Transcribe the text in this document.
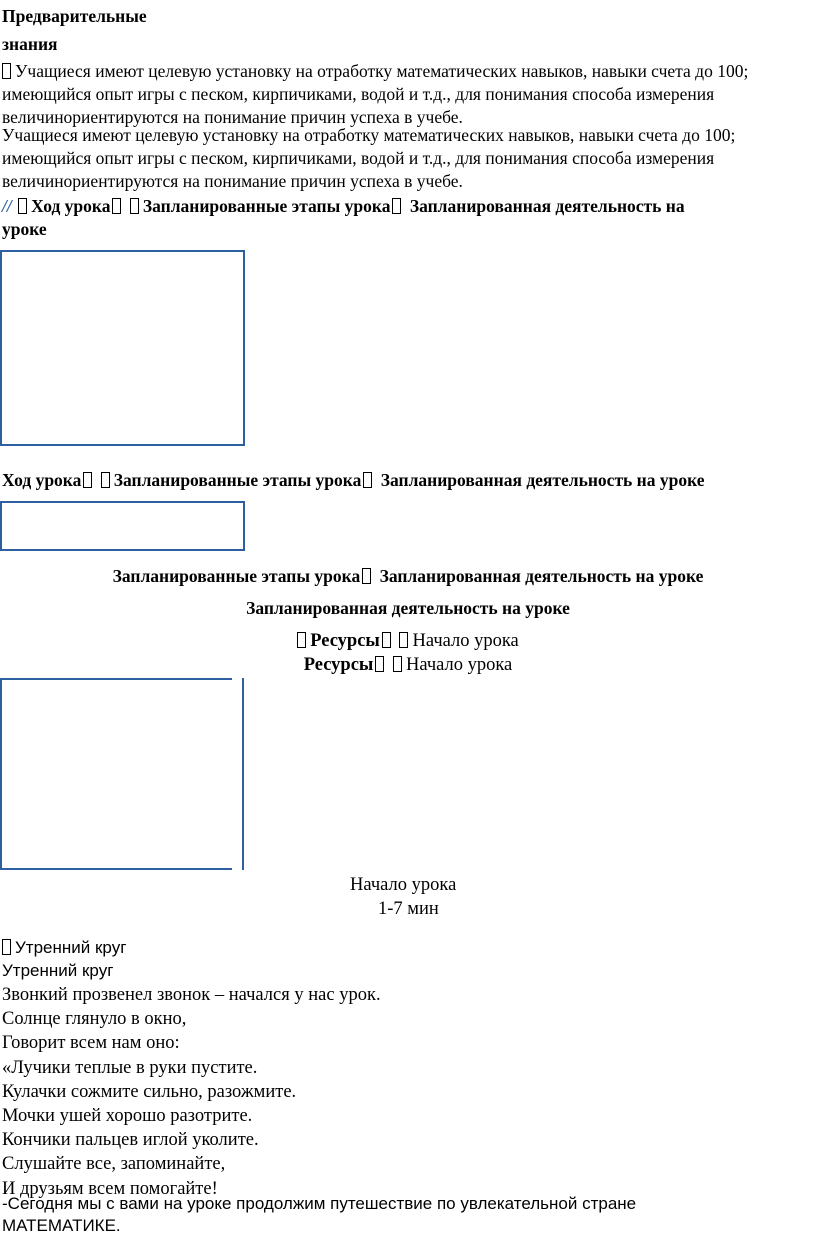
Предварительные
знания
Учащиеся имеют целевую установку на отработку математических навыков, навыки счета до 100;
имеющийся опыт игры с песком, кирпичиками, водой и т.д., для понимания способа измерения
величинориентируются на понимание причин успеха в учебе.
Учащиеся имеют целевую установку на отработку математических навыков, навыки счета до 100;
имеющийся опыт игры с песком, кирпичиками, водой и т.д., для понимания способа измерения
величинориентируются на понимание причин успеха в учебе.
// Ход урока Запланированные этапы урока Запланированная деятельность на
уроке
Ход урока Запланированные этапы урока Запланированная деятельность на уроке
Запланированные этапы урока Запланированная деятельность на уроке
Запланированная деятельность на уроке
Ресурсы Начало урока
Ресурсы Начало урока
Начало урока
1-7 мин
Утренний круг
Утренний круг
Звонкий прозвенел звонок – начался у нас урок.
Солнце глянуло в окно,
Говорит всем нам оно:
«Лучики теплые в руки пустите.
Кулачки сожмите сильно, разожмите.
Мочки ушей хорошо разотрите.
Кончики пальцев иглой уколите.
Слушайте все, запоминайте,
И друзьям всем помогайте!
-Сегодня мы с вами на уроке продолжим путешествие по увлекательной стране
МАТЕМАТИКЕ.
